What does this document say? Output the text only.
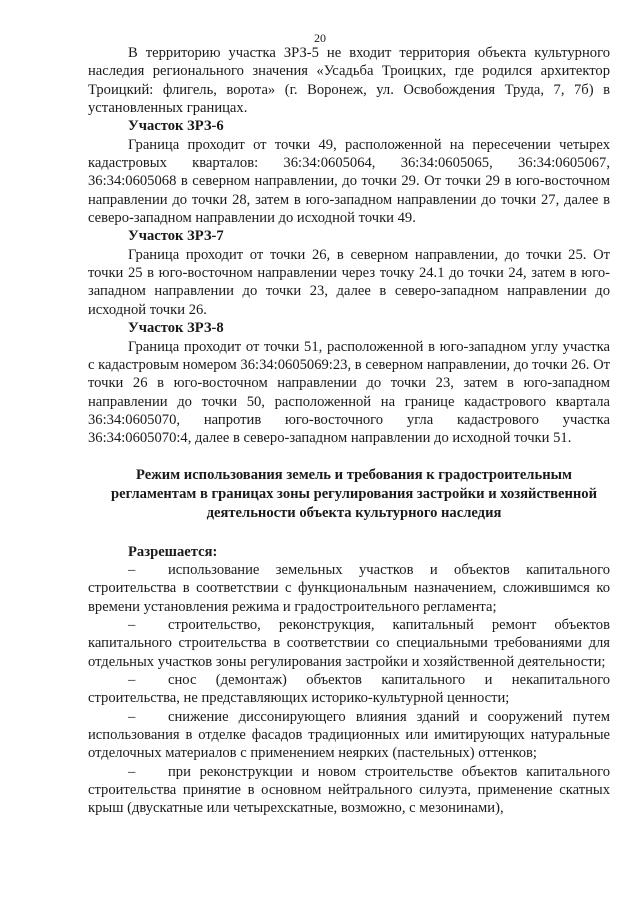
20

В территорию участка ЗРЗ-5 не входит территория объекта культурного наследия регионального значения «Усадьба Троицких, где родился архитектор Троицкий: флигель, ворота» (г. Воронеж, ул. Освобождения Труда, 7, 7б) в установленных границах.

Участок ЗРЗ-6

Граница проходит от точки 49, расположенной на пересечении четырех кадастровых кварталов: 36:34:0605064, 36:34:0605065, 36:34:0605067, 36:34:0605068 в северном направлении, до точки 29. От точки 29 в юго-восточном направлении до точки 28, затем в юго-западном направлении до точки 27, далее в северо-западном направлении до исходной точки 49.

Участок ЗРЗ-7

Граница проходит от точки 26, в северном направлении, до точки 25. От точки 25 в юго-восточном направлении через точку 24.1 до точки 24, затем в юго-западном направлении до точки 23, далее в северо-западном направлении до исходной точки 26.

Участок ЗРЗ-8

Граница проходит от точки 51, расположенной в юго-западном углу участка с кадастровым номером 36:34:0605069:23, в северном направлении, до точки 26. От точки 26 в юго-восточном направлении до точки 23, затем в юго-западном направлении до точки 50, расположенной на границе кадастрового квартала 36:34:0605070, напротив юго-восточного угла кадастрового участка 36:34:0605070:4, далее в северо-западном направлении до исходной точки 51.

Режим использования земель и требования к градостроительным регламентам в границах зоны регулирования застройки и хозяйственной деятельности объекта культурного наследия
Разрешается:
– использование земельных участков и объектов капитального строительства в соответствии с функциональным назначением, сложившимся ко времени установления режима и градостроительного регламента;
– строительство, реконструкция, капитальный ремонт объектов капитального строительства в соответствии со специальными требованиями для отдельных участков зоны регулирования застройки и хозяйственной деятельности;
– снос (демонтаж) объектов капитального и некапитального строительства, не представляющих историко-культурной ценности;
– снижение диссонирующего влияния зданий и сооружений путем использования в отделке фасадов традиционных или имитирующих натуральные отделочных материалов с применением неярких (пастельных) оттенков;
– при реконструкции и новом строительстве объектов капитального строительства принятие в основном нейтрального силуэта, применение скатных крыш (двускатные или четырехскатные, возможно, с мезонинами),
